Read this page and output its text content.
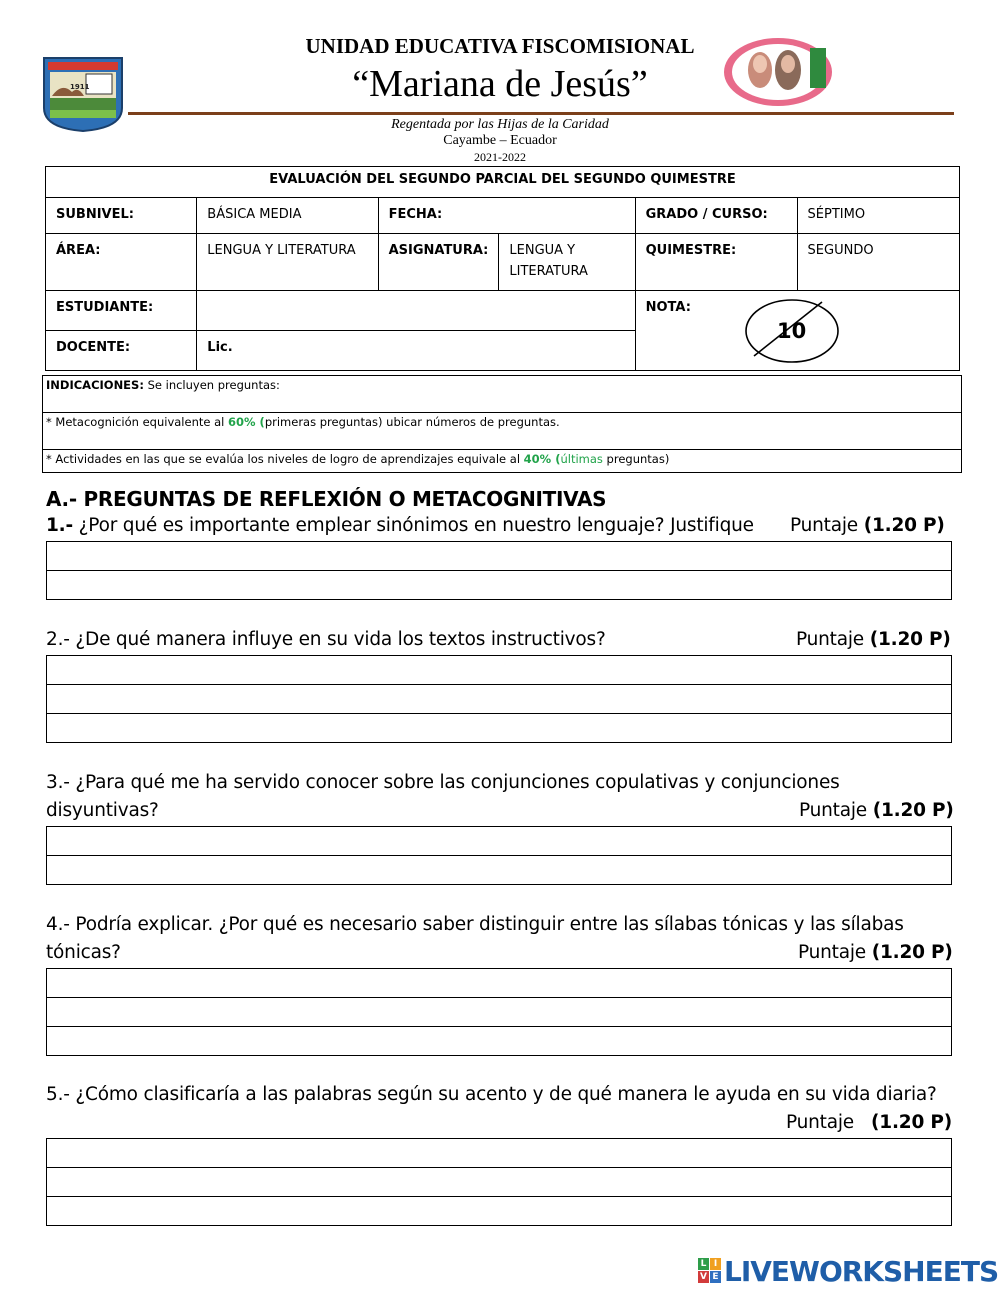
1911
UNIDAD EDUCATIVA FISCOMISIONAL
“Mariana de Jesús”
Regentada por las Hijas de la Caridad
Cayambe – Ecuador
2021-2022
EVALUACIÓN DEL SEGUNDO PARCIAL DEL SEGUNDO QUIMESTRE					
SUBNIVEL:	BÁSICA MEDIA	FECHA:		GRADO / CURSO:	SÉPTIMO
ÁREA:	LENGUA Y LITERATURA	ASIGNATURA:	LENGUA Y LITERATURA	QUIMESTRE:	SEGUNDO
ESTUDIANTE:				NOTA:	
DOCENTE:	Lic.				
10
INDICACIONES: Se incluyen preguntas:
* Metacognición equivalente al 60% (primeras preguntas) ubicar números de preguntas.
* Actividades en las que se evalúa los niveles de logro de aprendizajes equivale al 40% (últimas preguntas)
A.- PREGUNTAS DE REFLEXIÓN O METACOGNITIVAS
1.- ¿Por qué es importante emplear sinónimos en nuestro lenguaje? Justifique Puntaje (1.20 P)
2.- ¿De qué manera influye en su vida los textos instructivos?	Puntaje (1.20 P)
3.- ¿Para qué me ha servido conocer sobre las conjunciones copulativas y conjunciones
disyuntivas?	Puntaje (1.20 P)
4.- Podría explicar. ¿Por qué es necesario saber distinguir entre las sílabas tónicas y las sílabas
tónicas?	Puntaje (1.20 P)
5.- ¿Cómo clasificaría a las palabras según su acento y de qué manera le ayuda en su vida diaria?
Puntaje   (1.20 P)
L I
V E LIVEWORKSHEETS
